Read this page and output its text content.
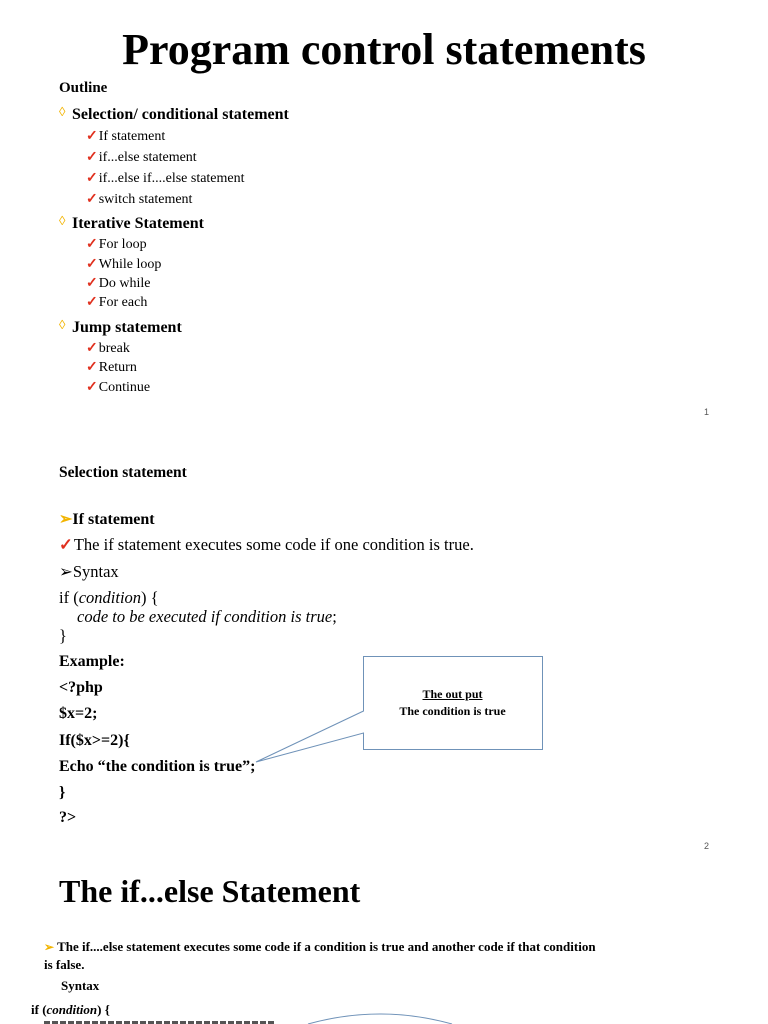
Program control statements
Outline
◊ Selection/ conditional statement
✓If statement
✓if...else statement
✓if...else if....else statement
✓switch statement
◊ Iterative Statement
✓For loop
✓While loop
✓Do while
✓For each
◊ Jump statement
✓break
✓Return
✓Continue
1
Selection statement
➢If statement
✓The if statement executes some code if one condition is true.
➢Syntax
if (condition) {
code to be executed if condition is true;
}
Example:
<?php
$x=2;
If($x>=2){
Echo “the condition is true”;
}
?>
The out put
The condition is true
2
The if...else Statement
➢ The if....else statement executes some code if a condition is true and another code if that condition
is false.
Syntax
if (condition) {
